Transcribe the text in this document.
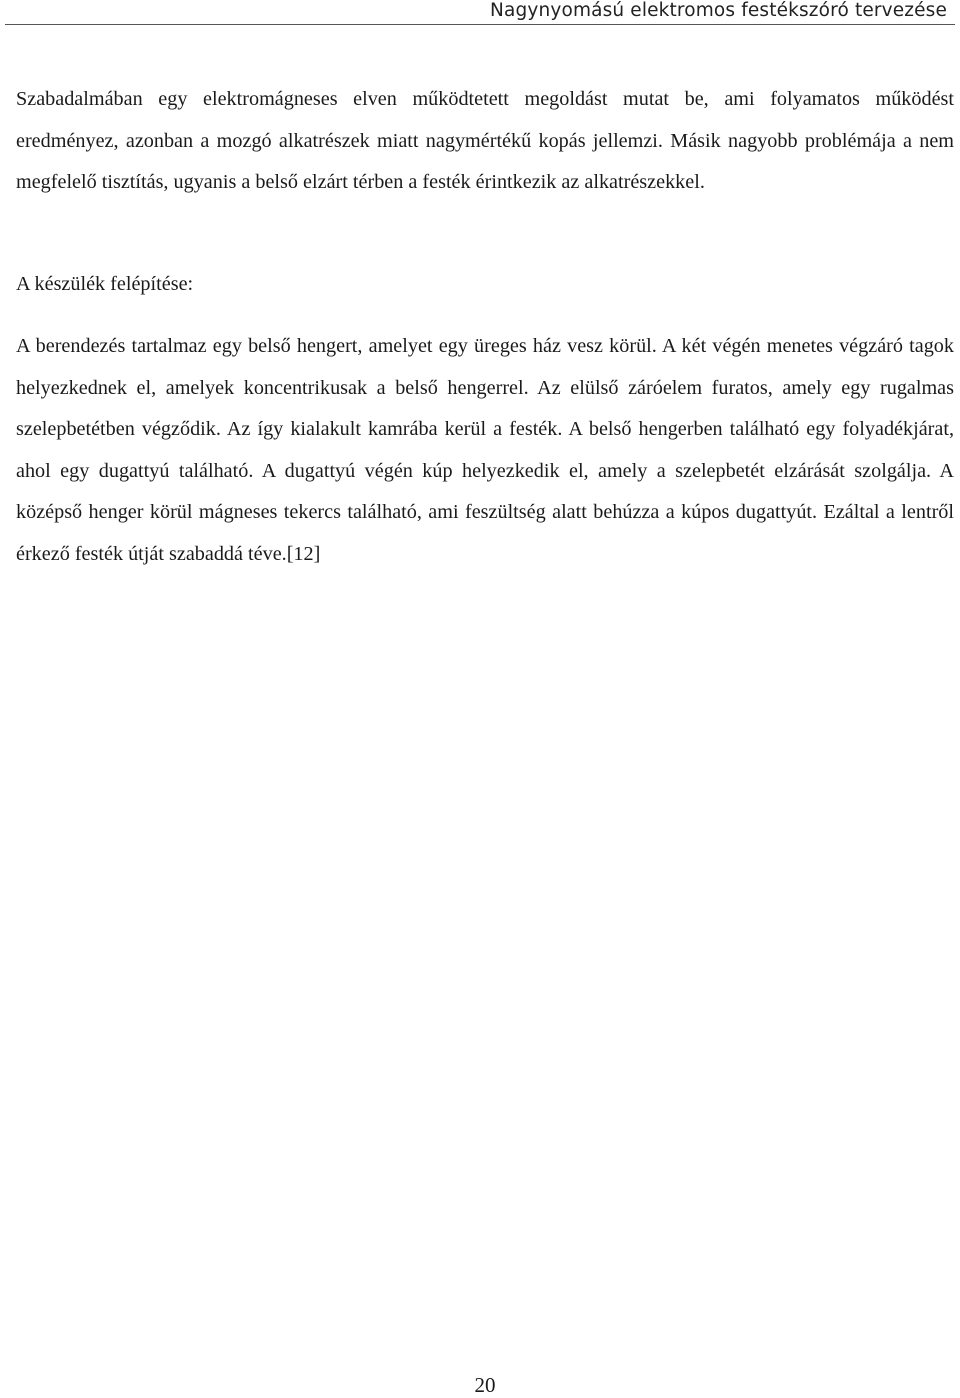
Nagynyomású elektromos festékszóró tervezése

Szabadalmában egy elektromágneses elven működtetett megoldást mutat be, ami folyamatos működést eredményez, azonban a mozgó alkatrészek miatt nagymértékű kopás jellemzi. Másik nagyobb problémája a nem megfelelő tisztítás, ugyanis a belső elzárt térben a festék érintkezik az alkatrészekkel.

A készülék felépítése:

A berendezés tartalmaz egy belső hengert, amelyet egy üreges ház vesz körül. A két végén menetes végzáró tagok helyezkednek el, amelyek koncentrikusak a belső hengerrel. Az elülső záróelem furatos, amely egy rugalmas szelepbetétben végződik. Az így kialakult kamrába kerül a festék. A belső hengerben található egy folyadékjárat, ahol egy dugattyú található. A dugattyú végén kúp helyezkedik el, amely a szelepbetét elzárását szolgálja. A középső henger körül mágneses tekercs található, ami feszültség alatt behúzza a kúpos dugattyút. Ezáltal a lentről érkező festék útját szabaddá téve.[12]

20
